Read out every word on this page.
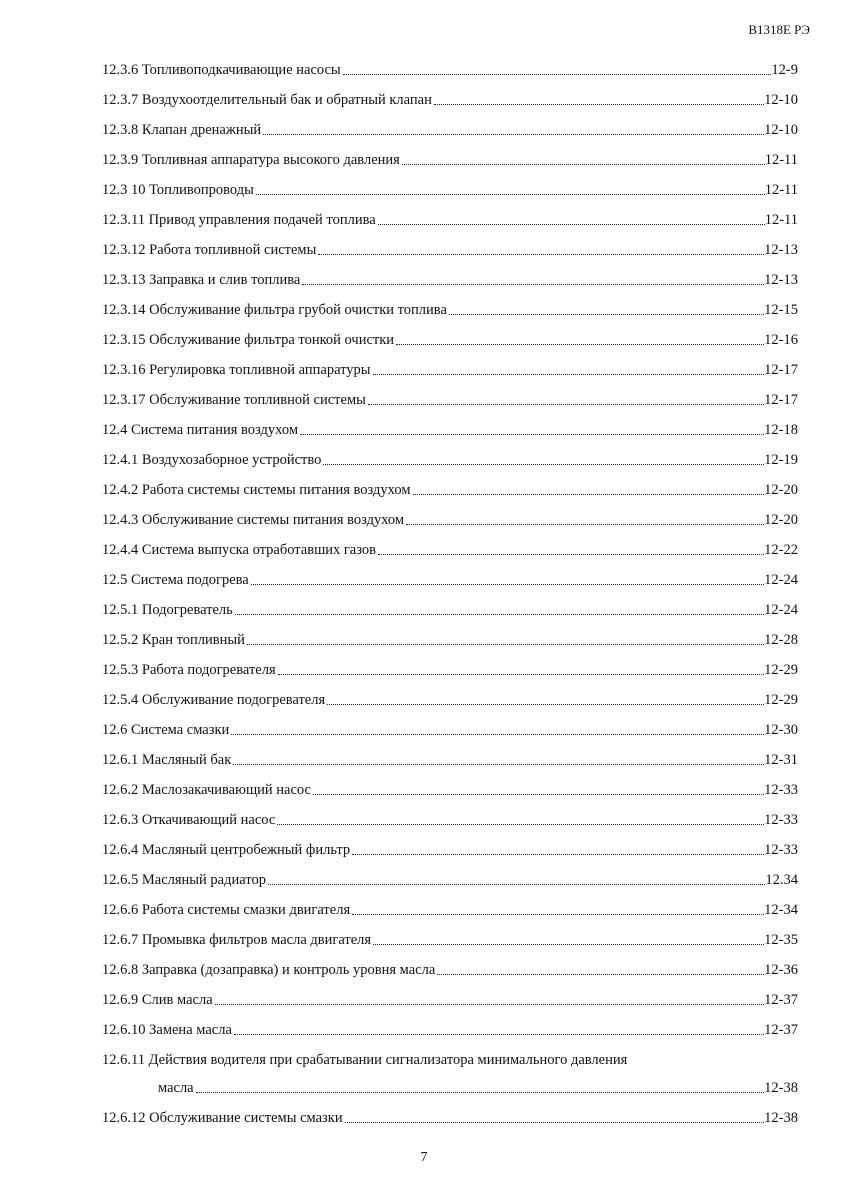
В1318Е РЭ
12.3.6 Топливоподкачивающие насосы	12-9
12.3.7 Воздухоотделительный бак и обратный клапан	12-10
12.3.8 Клапан дренажный	12-10
12.3.9 Топливная аппаратура высокого давления	12-11
12.3 10 Топливопроводы	12-11
12.3.11 Привод управления подачей топлива	12-11
12.3.12 Работа топливной системы	12-13
12.3.13 Заправка и слив топлива	12-13
12.3.14 Обслуживание фильтра грубой очистки топлива	12-15
12.3.15 Обслуживание фильтра тонкой очистки	12-16
12.3.16 Регулировка топливной аппаратуры	12-17
12.3.17 Обслуживание топливной системы	12-17
12.4 Система питания воздухом	12-18
12.4.1 Воздухозаборное устройство	12-19
12.4.2 Работа системы системы питания воздухом	12-20
12.4.3 Обслуживание системы питания воздухом	12-20
12.4.4 Система выпуска отработавших газов	12-22
12.5 Система подогрева	12-24
12.5.1 Подогреватель	12-24
12.5.2 Кран топливный	12-28
12.5.3 Работа подогревателя	12-29
12.5.4 Обслуживание подогревателя	12-29
12.6 Система смазки	12-30
12.6.1 Масляный бак	12-31
12.6.2 Маслозакачивающий насос	12-33
12.6.3 Откачивающий насос	12-33
12.6.4 Масляный центробежный фильтр	12-33
12.6.5 Масляный радиатор	12.34
12.6.6 Работа системы смазки двигателя	12-34
12.6.7 Промывка фильтров масла двигателя	12-35
12.6.8 Заправка (дозаправка) и контроль уровня масла	12-36
12.6.9 Слив масла	12-37
12.6.10 Замена масла	12-37
12.6.11 Действия водителя при срабатывании сигнализатора минимального давления
масла	12-38
12.6.12 Обслуживание системы смазки	12-38
7
